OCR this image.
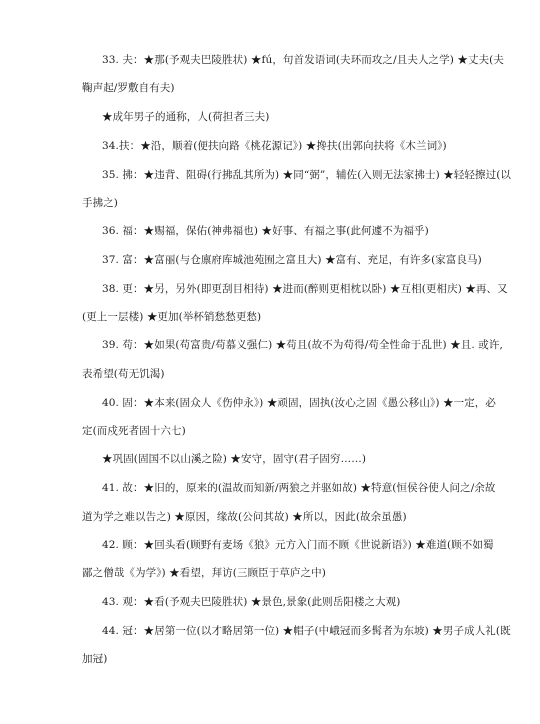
33. 夫：★那(予观夫巴陵胜状) ★fú，句首发语词(夫环而攻之/且夫人之学) ★丈夫(夫
鞠声起/罗敷自有夫)
★成年男子的通称，人(荷担者三夫)
34.扶：★沿，顺着(便扶向路《桃花源记》) ★搀扶(出郭向扶将《木兰词》)
35. 拂：★违背、阻碍(行拂乱其所为) ★同“弼”，辅佐(入则无法家拂士) ★轻轻擦过(以
手拂之)
36. 福：★赐福，保佑(神弗福也) ★好事、有福之事(此何遽不为福乎)
37. 富：★富丽(与仓廪府库城池苑囿之富且大) ★富有、充足，有许多(家富良马)
38. 更：★另，另外(即更刮目相待) ★进而(醉则更相枕以卧) ★互相(更相庆) ★再、又
(更上一层楼) ★更加(举杯销愁愁更愁)
39. 苟：★如果(苟富贵/苟慕义强仁) ★苟且(故不为苟得/苟全性命于乱世) ★且. 或许,
表希望(苟无饥渴)
40. 固：★本来(固众人《伤仲永》) ★顽固，固执(汝心之固《愚公移山》) ★一定，必
定(而戍死者固十六七)
★巩固(固国不以山溪之险) ★安守，固守(君子固穷……)
41. 故：★旧的，原来的(温故而知新/两狼之并驱如故) ★特意(恒侯谷使人问之/余故
道为学之难以告之) ★原因，缘故(公问其故) ★所以，因此(故余虽愚)
42. 顾：★回头看(顾野有麦场《狼》元方入门而不顾《世说新语》) ★难道(顾不如蜀
鄙之僧哉《为学》) ★看望，拜访(三顾臣于草庐之中)
43. 观：★看(予观夫巴陵胜状) ★景色,景象(此则岳阳楼之大观)
44. 冠：★居第一位(以才略居第一位) ★帽子(中峨冠而多髯者为东坡) ★男子成人礼(既
加冠)
